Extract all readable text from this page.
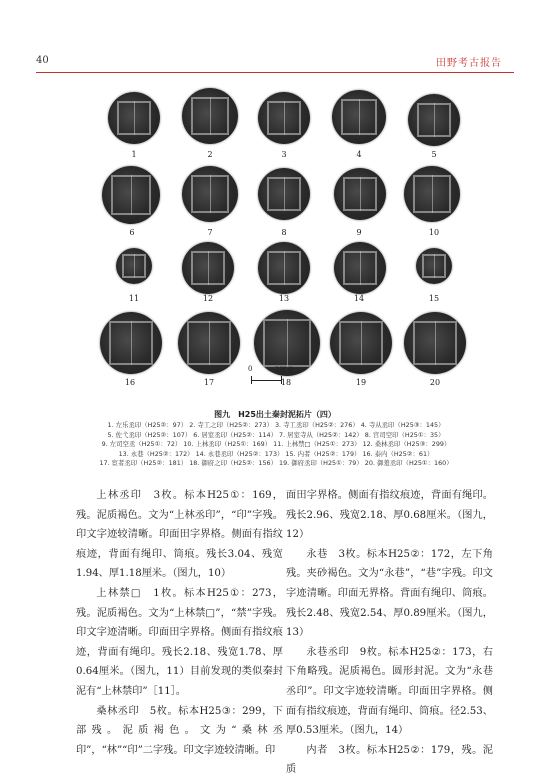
40	田野考古报告
1	2	3	4	5
6	7	8	9	10
11	12	13	14	15
16	17	18	19	20
0	2厘米
图九　H25出土秦封泥拓片（四）
1. 左乐丞印（H25②：97） 2. 寺工之印（H25②：273） 3. 寺工丞印（H25②：276） 4. 寺从丞印（H25③：145）
5. 佐弋丞印（H25②：107） 6. 居室丞印（H25②：114） 7. 居室寺从（H25②：142） 8. 宫司空印（H25①：35）
9. 左司空丞（H25①：72） 10. 上林丞印（H25①：169） 11. 上林禁□（H25①：273） 12. 桑林丞印（H25③：299）
13. 永巷（H25②：172） 14. 永巷丞印（H25②：173） 15. 内者（H25②：179） 16. 泰内（H25②：61）
17. 宦者丞印（H25②：181） 18. 御府之印（H25②：156） 19. 御府丞印（H25①：79） 20. 御羞丞印（H25①：160）

上林丞印　3枚。标本H25①：169，残。泥质褐色。文为“上林丞印”，“印”字残。印文字迹较清晰。印面田字界格。侧面有指纹痕迹，背面有绳印、筒痕。残长3.04、残宽1.94、厚1.18厘米。（图九，10）

上林禁□　1枚。标本H25①：273，残。泥质褐色。文为“上林禁□”，“禁”字残。印文字迹清晰。印面田字界格。侧面有指纹痕迹，背面有绳印。残长2.18、残宽1.78、厚0.64厘米。（图九，11）目前发现的类似秦封泥有“上林禁印”［11］。

桑林丞印　5枚。标本H25③：299，下部残。泥质褐色。文为“桑林丞印”，“林”“印”二字残。印文字迹较清晰。印

面田字界格。侧面有指纹痕迹，背面有绳印。残长2.96、残宽2.18、厚0.68厘米。（图九，12）

永巷　3枚。标本H25②：172，左下角残。夹砂褐色。文为“永巷”，“巷”字残。印文字迹清晰。印面无界格。背面有绳印、筒痕。残长2.48、残宽2.54、厚0.89厘米。（图九，13）

永巷丞印　9枚。标本H25②：173，右下角略残。泥质褐色。圆形封泥。文为“永巷丞印”。印文字迹较清晰。印面田字界格。侧面有指纹痕迹，背面有绳印、筒痕。径2.53、厚0.53厘米。（图九，14）

内者　3枚。标本H25②：179，残。泥质
